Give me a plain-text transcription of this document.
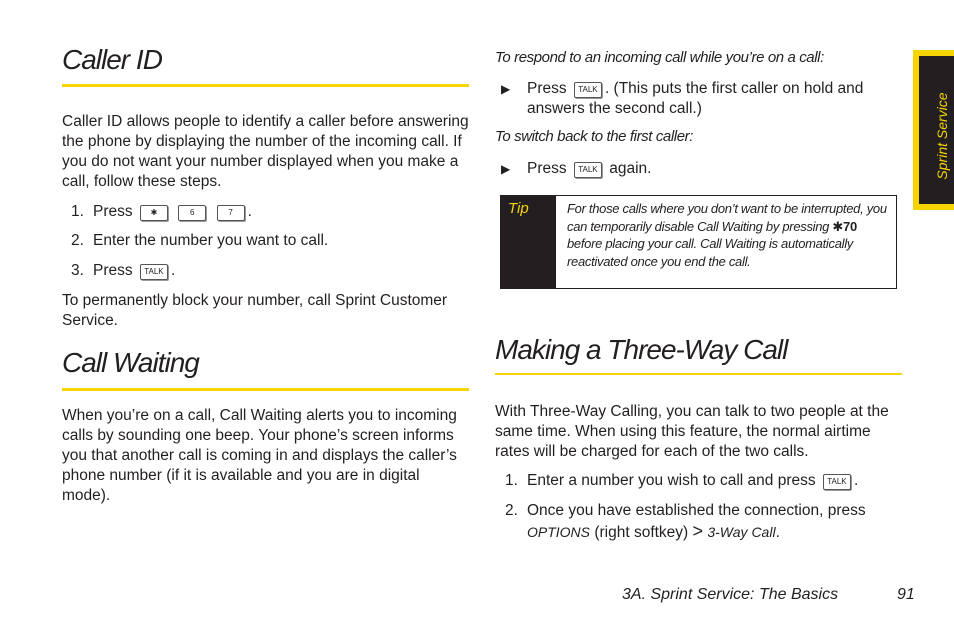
Caller ID

Caller ID allows people to identify a caller before answering the phone by displaying the number of the incoming call. If you do not want your number displayed when you make a call, follow these steps.

1. Press ✱	6	7 .
2. Enter the number you want to call.
3. Press TALK .

To permanently block your number, call Sprint Customer Service.

Call Waiting

When you’re on a call, Call Waiting alerts you to incoming calls by sounding one beep. Your phone’s screen informs you that another call is coming in and displays the caller’s phone number (if it is available and you are in digital mode).

To respond to an incoming call while you’re on a call:

▶	Press TALK . (This puts the first caller on hold and answers the second call.)

To switch back to the first caller:

▶ Press TALK again.
Tip	For those calls where you don’t want to be interrupted, you can temporarily disable Call Waiting by pressing ✱70 before placing your call. Call Waiting is automatically reactivated once you end the call.
Making a Three-Way Call

With Three-Way Calling, you can talk to two people at the same time. When using this feature, the normal airtime rates will be charged for each of the two calls.

1. Enter a number you wish to call and press TALK .
2. Once you have established the connection, press
OPTIONS (right softkey) > 3-Way Call.
Sprint Service
3A. Sprint Service: The Basics	91
